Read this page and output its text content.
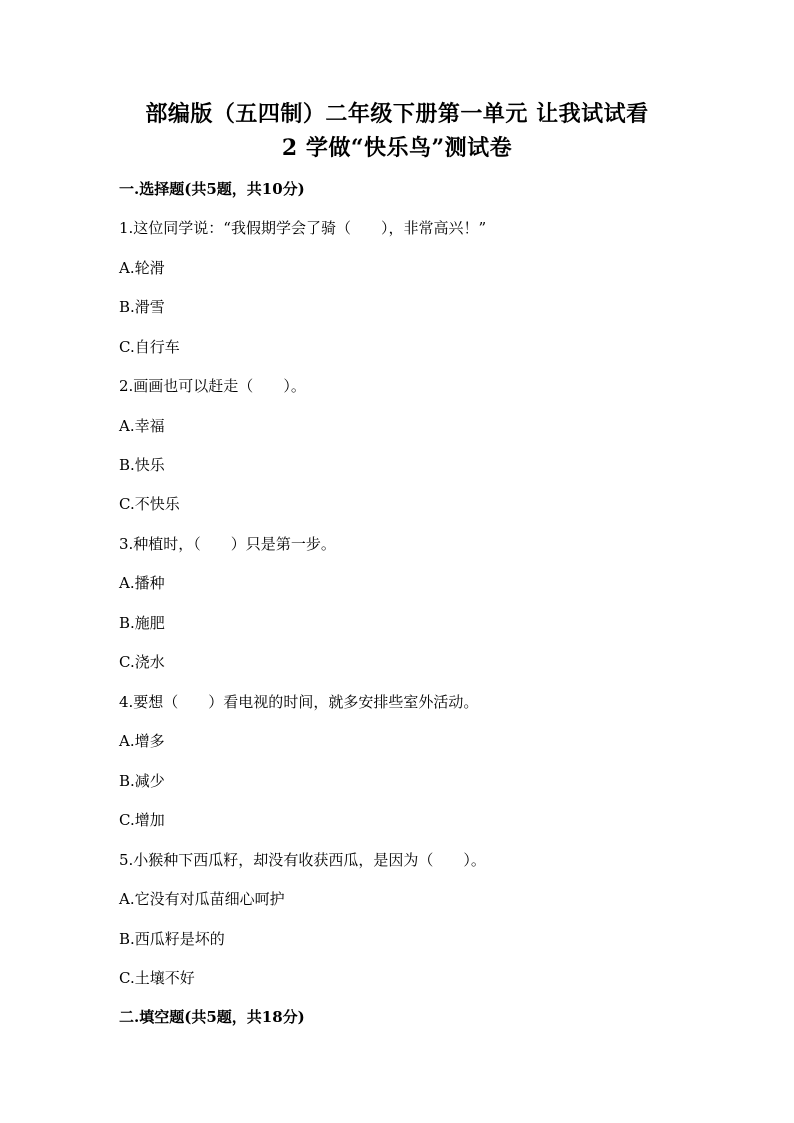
部编版（五四制）二年级下册第一单元 让我试试看
2 学做“快乐鸟”测试卷
一.选择题(共5题，共10分)
1.这位同学说：“我假期学会了骑（　　），非常高兴！”
A.轮滑
B.滑雪
C.自行车
2.画画也可以赶走（　　）。
A.幸福
B.快乐
C.不快乐
3.种植时，（　　）只是第一步。
A.播种
B.施肥
C.浇水
4.要想（　　）看电视的时间，就多安排些室外活动。
A.增多
B.减少
C.增加
5.小猴种下西瓜籽，却没有收获西瓜，是因为（　　）。
A.它没有对瓜苗细心呵护
B.西瓜籽是坏的
C.土壤不好
二.填空题(共5题，共18分)
